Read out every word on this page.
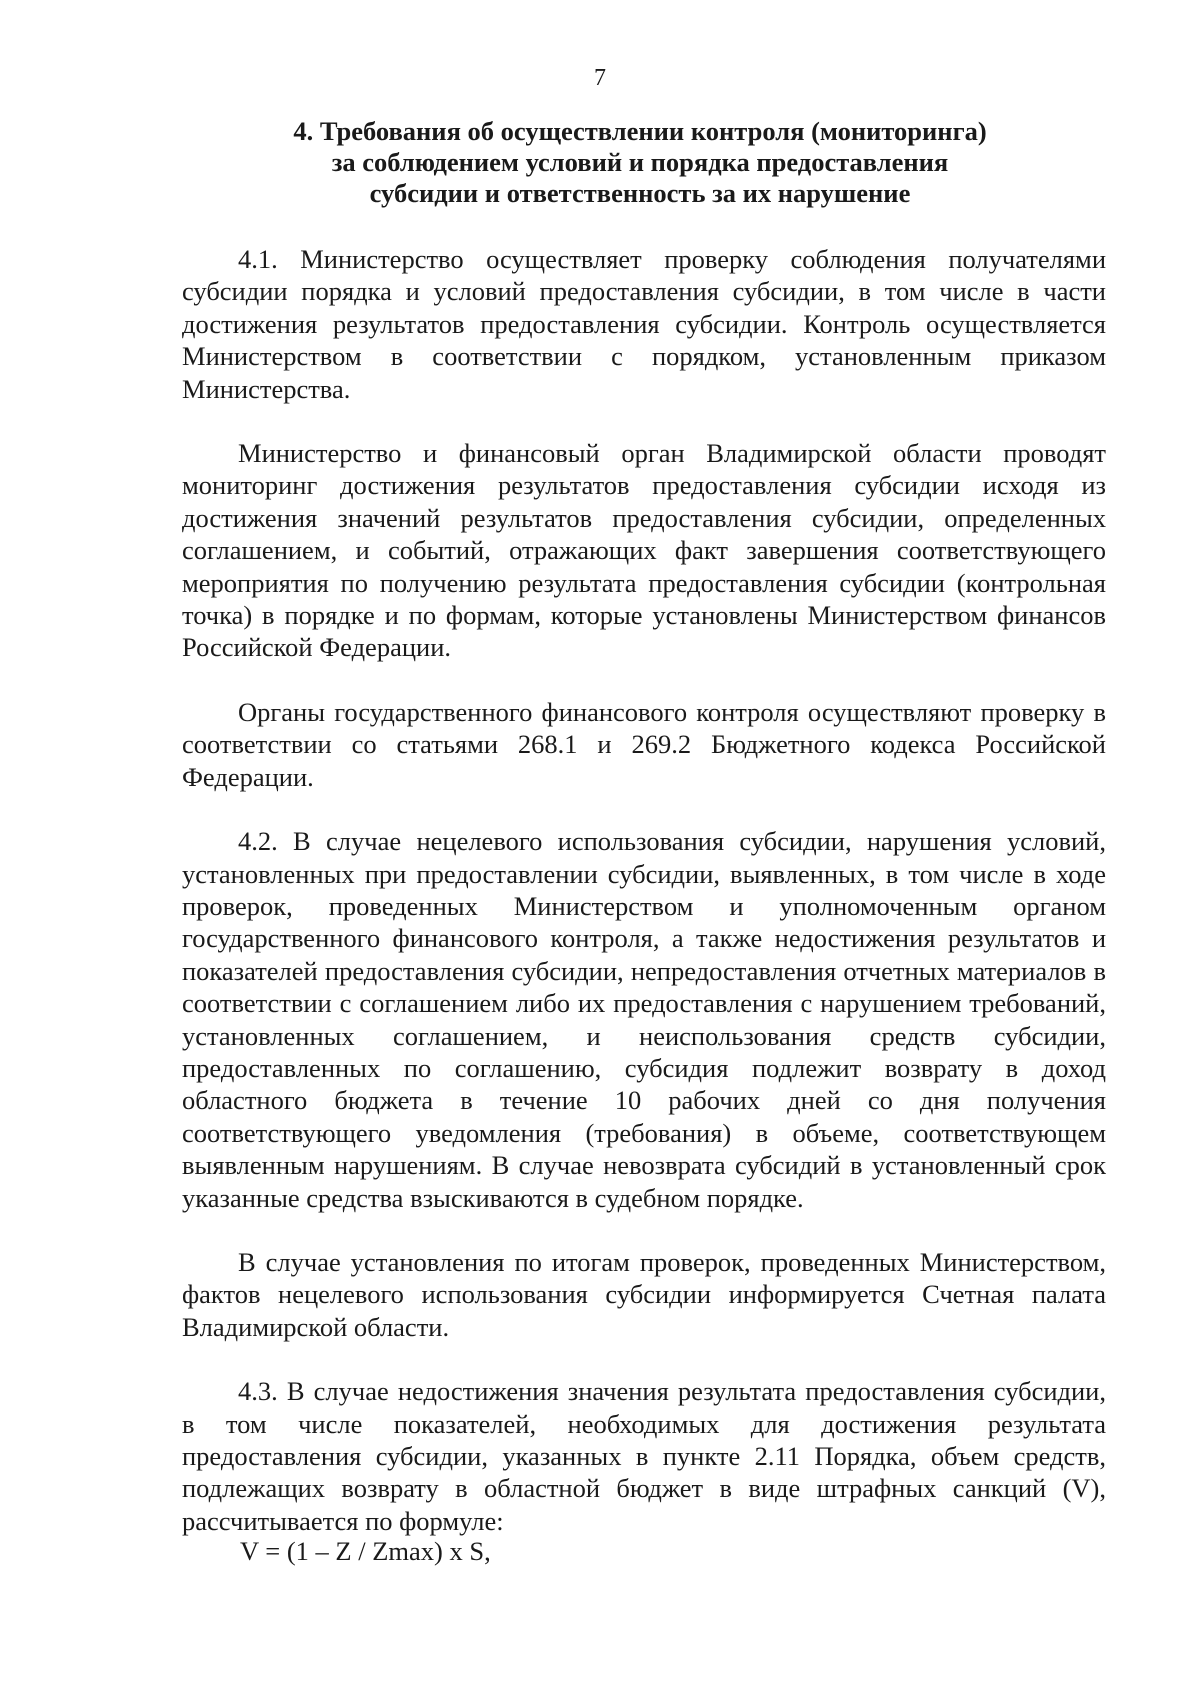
7
4. Требования об осуществлении контроля (мониторинга)
за соблюдением условий и порядка предоставления
субсидии и ответственность за их нарушение

4.1. Министерство осуществляет проверку соблюдения получателями субсидии порядка и условий предоставления субсидии, в том числе в части достижения результатов предоставления субсидии. Контроль осуществляется Министерством в соответствии с порядком, установленным приказом Министерства.

Министерство и финансовый орган Владимирской области проводят мониторинг достижения результатов предоставления субсидии исходя из достижения значений результатов предоставления субсидии, определенных соглашением, и событий, отражающих факт завершения соответствующего мероприятия по получению результата предоставления субсидии (контрольная точка) в порядке и по формам, которые установлены Министерством финансов Российской Федерации.

Органы государственного финансового контроля осуществляют проверку в соответствии со статьями 268.1 и 269.2 Бюджетного кодекса Российской Федерации.

4.2. В случае нецелевого использования субсидии, нарушения условий, установленных при предоставлении субсидии, выявленных, в том числе в ходе проверок, проведенных Министерством и уполномоченным органом государственного финансового контроля, а также недостижения результатов и показателей предоставления субсидии, непредоставления отчетных материалов в соответствии с соглашением либо их предоставления с нарушением требований, установленных соглашением, и неиспользования средств субсидии, предоставленных по соглашению, субсидия подлежит возврату в доход областного бюджета в течение 10 рабочих дней со дня получения соответствующего уведомления (требования) в объеме, соответствующем выявленным нарушениям. В случае невозврата субсидий в установленный срок указанные средства взыскиваются в судебном порядке.

В случае установления по итогам проверок, проведенных Министерством, фактов нецелевого использования субсидии информируется Счетная палата Владимирской области.

4.3. В случае недостижения значения результата предоставления субсидии, в том числе показателей, необходимых для достижения результата предоставления субсидии, указанных в пункте 2.11 Порядка, объем средств, подлежащих возврату в областной бюджет в виде штрафных санкций (V), рассчитывается по формуле:

V = (1 – Z / Zmax) x S,
